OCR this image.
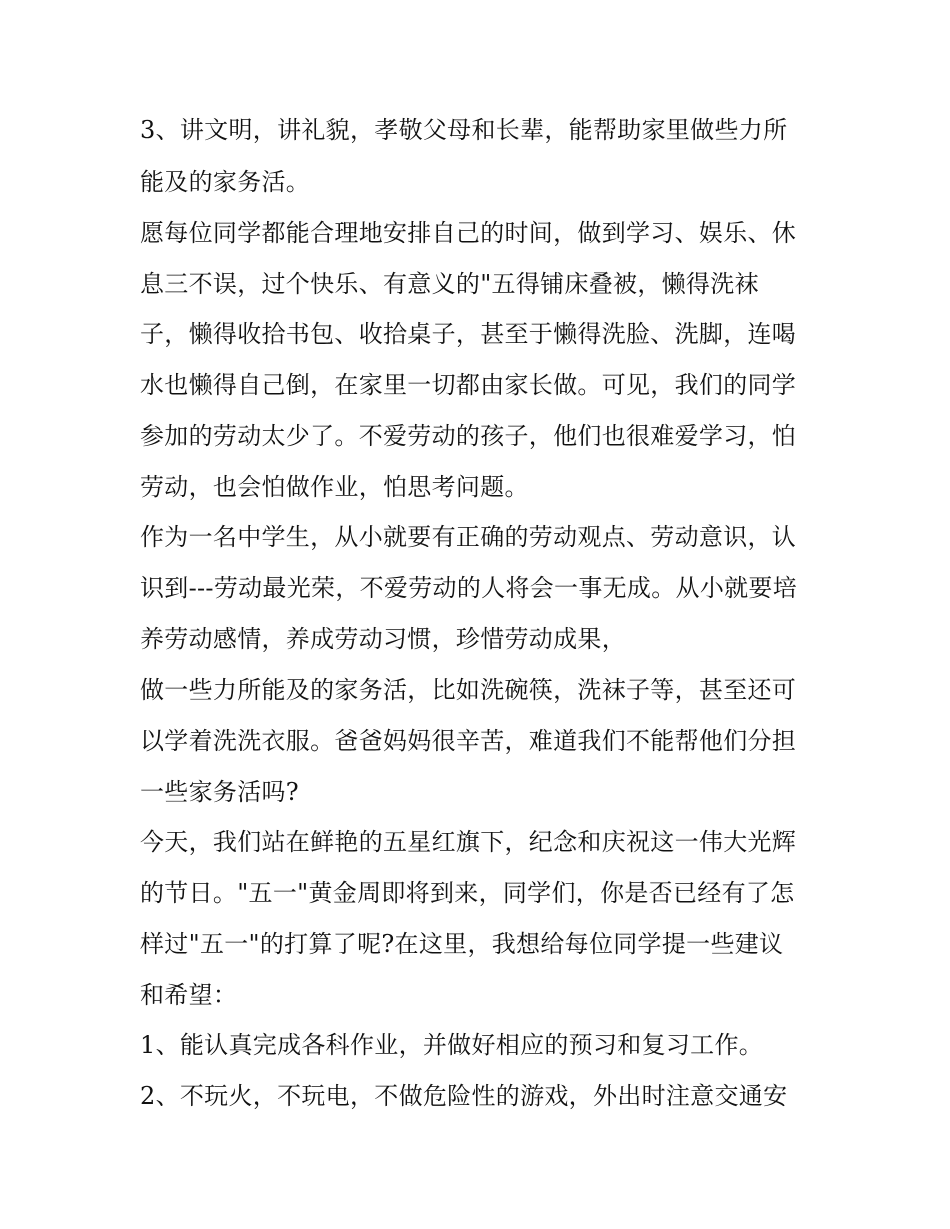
3、讲文明，讲礼貌，孝敬父母和长辈，能帮助家里做些力所
能及的家务活。
愿每位同学都能合理地安排自己的时间，做到学习、娱乐、休
息三不误，过个快乐、有意义的"五得铺床叠被，懒得洗袜
子，懒得收拾书包、收拾桌子，甚至于懒得洗脸、洗脚，连喝
水也懒得自己倒，在家里一切都由家长做。可见，我们的同学
参加的劳动太少了。不爱劳动的孩子，他们也很难爱学习，怕
劳动，也会怕做作业，怕思考问题。
作为一名中学生，从小就要有正确的劳动观点、劳动意识，认
识到---劳动最光荣，不爱劳动的人将会一事无成。从小就要培
养劳动感情，养成劳动习惯，珍惜劳动成果，
做一些力所能及的家务活，比如洗碗筷，洗袜子等，甚至还可
以学着洗洗衣服。爸爸妈妈很辛苦，难道我们不能帮他们分担
一些家务活吗?
今天，我们站在鲜艳的五星红旗下，纪念和庆祝这一伟大光辉
的节日。"五一"黄金周即将到来，同学们，你是否已经有了怎
样过"五一"的打算了呢?在这里，我想给每位同学提一些建议
和希望：
1、能认真完成各科作业，并做好相应的预习和复习工作。
2、不玩火，不玩电，不做危险性的游戏，外出时注意交通安
